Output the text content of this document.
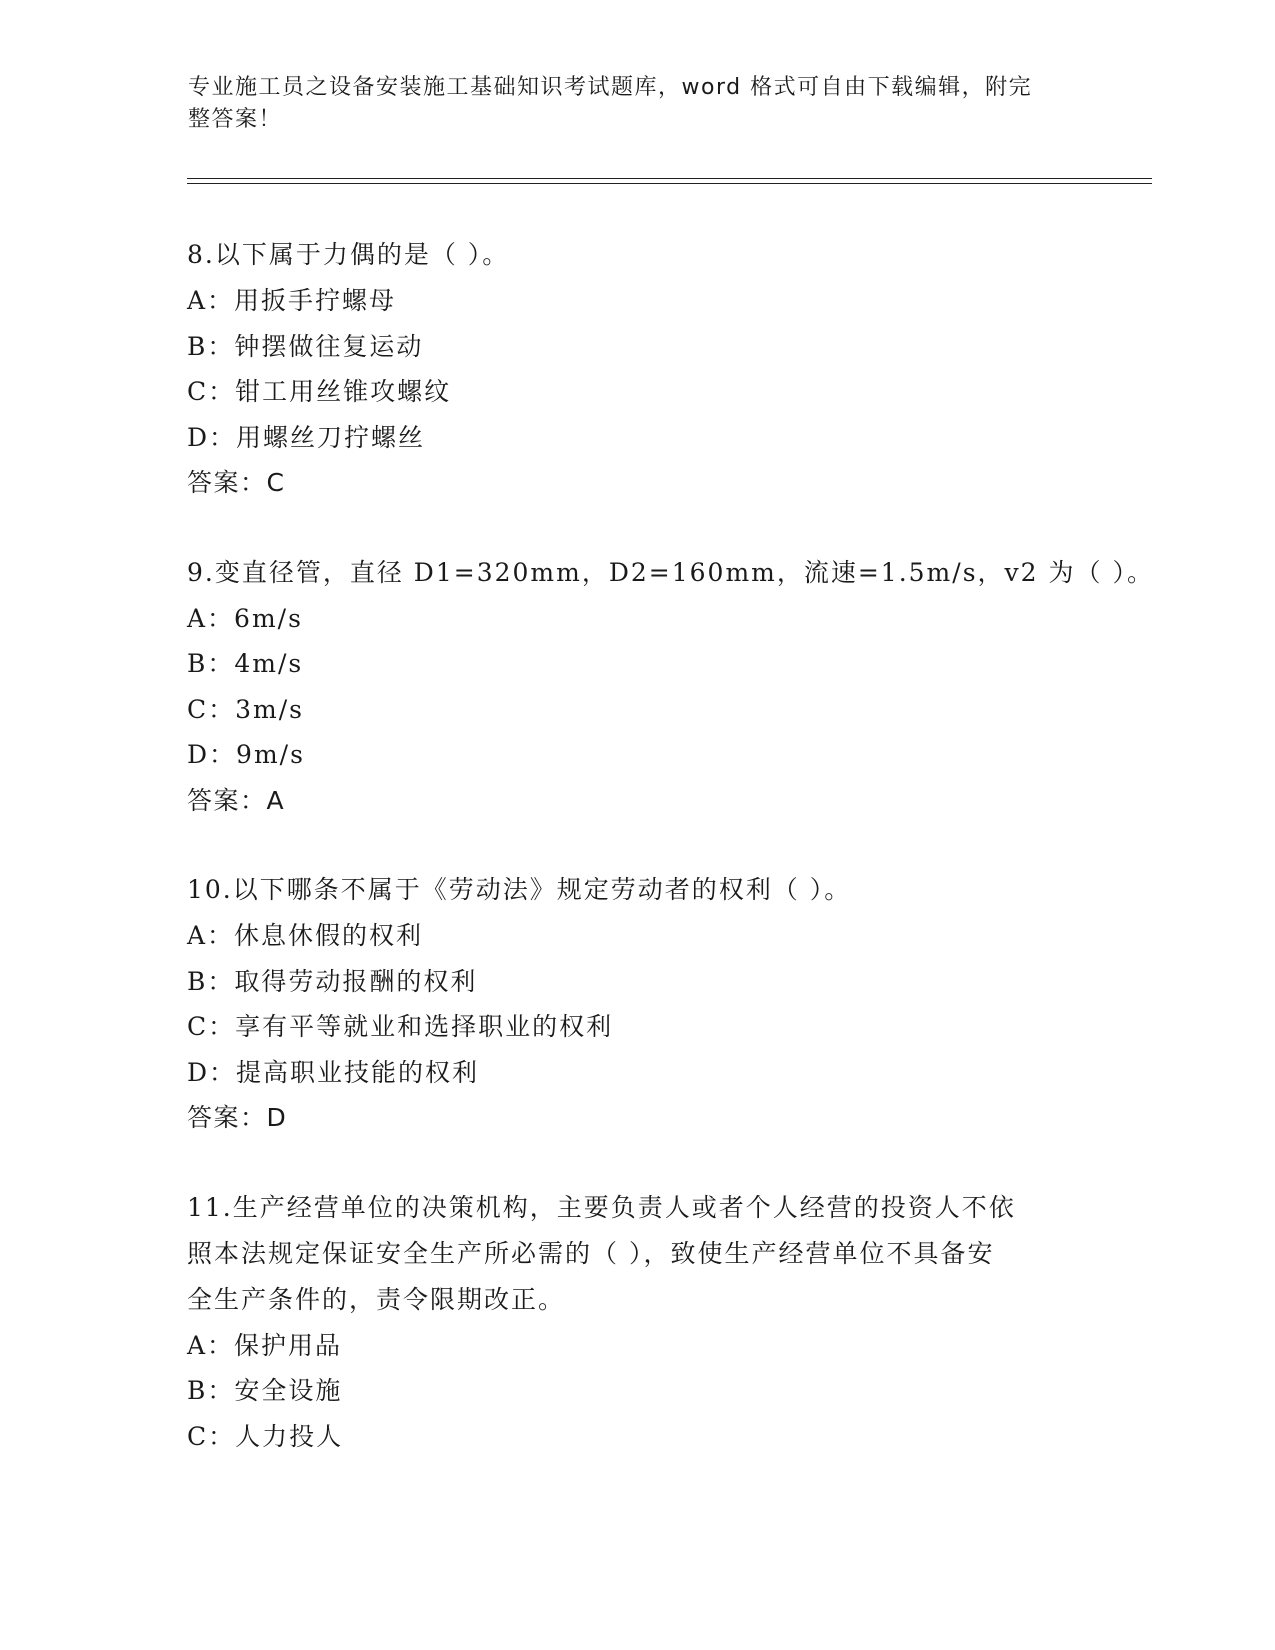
专业施工员之设备安装施工基础知识考试题库，word 格式可自由下载编辑，附完
整答案！
8.以下属于力偶的是（ ）。
A：用扳手拧螺母
B：钟摆做往复运动
C：钳工用丝锥攻螺纹
D：用螺丝刀拧螺丝
答案：C
9.变直径管，直径 D1=320mm，D2=160mm，流速=1.5m/s，v2 为（ ）。
A：6m/s
B：4m/s
C：3m/s
D：9m/s
答案：A
10.以下哪条不属于《劳动法》规定劳动者的权利（ ）。
A：休息休假的权利
B：取得劳动报酬的权利
C：享有平等就业和选择职业的权利
D：提高职业技能的权利
答案：D
11.生产经营单位的决策机构，主要负责人或者个人经营的投资人不依
照本法规定保证安全生产所必需的（ ），致使生产经营单位不具备安
全生产条件的，责令限期改正。
A：保护用品
B：安全设施
C：人力投人
